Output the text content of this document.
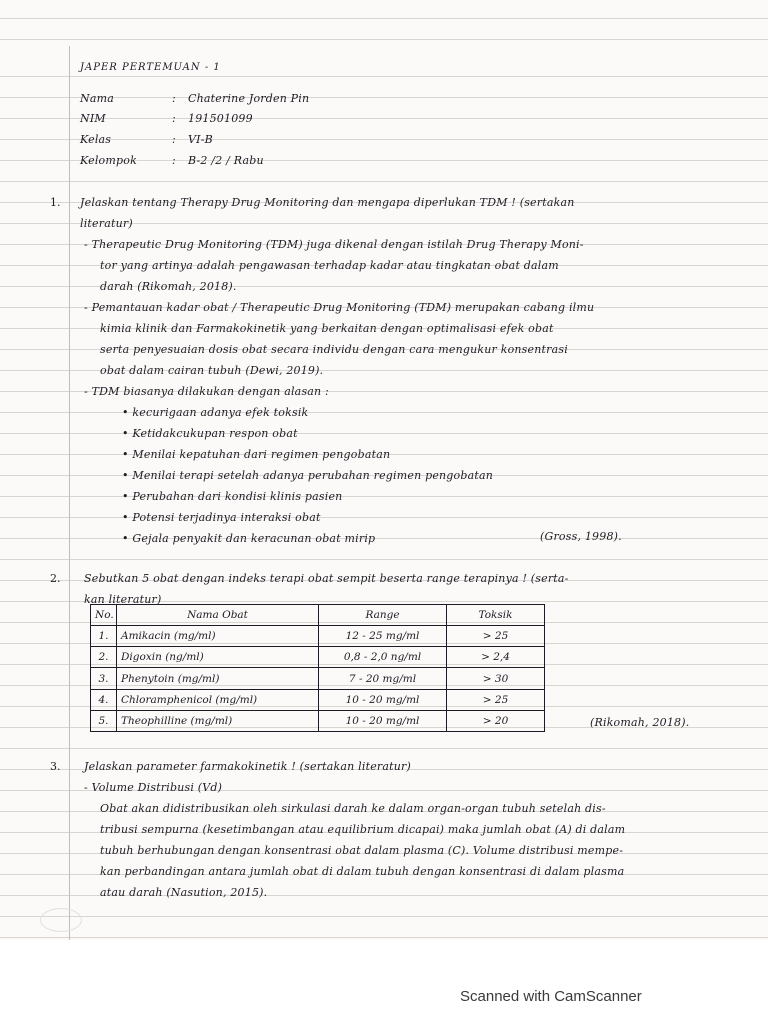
JAPER PERTEMUAN - 1
Nama	: Chaterine Jorden Pin
NIM	: 191501099
Kelas	: VI-B
Kelompok	: B-2 /2 / Rabu
1. Jelaskan tentang Therapy Drug Monitoring dan mengapa diperlukan TDM ! (sertakan
literatur)
- Therapeutic Drug Monitoring (TDM) juga dikenal dengan istilah Drug Therapy Moni-
tor yang artinya adalah pengawasan terhadap kadar atau tingkatan obat dalam
darah (Rikomah, 2018).
- Pemantauan kadar obat / Therapeutic Drug Monitoring (TDM) merupakan cabang ilmu
kimia klinik dan Farmakokinetik yang berkaitan dengan optimalisasi efek obat
serta penyesuaian dosis obat secara individu dengan cara mengukur konsentrasi
obat dalam cairan tubuh (Dewi, 2019).
- TDM biasanya dilakukan dengan alasan :
• kecurigaan adanya efek toksik
• Ketidakcukupan respon obat
• Menilai kepatuhan dari regimen pengobatan
• Menilai terapi setelah adanya perubahan regimen pengobatan
• Perubahan dari kondisi klinis pasien
• Potensi terjadinya interaksi obat
• Gejala penyakit dan keracunan obat mirip	(Gross, 1998).
2. Sebutkan 5 obat dengan indeks terapi obat sempit beserta range terapinya ! (serta-
kan literatur)
No.	Nama Obat	Range	Toksik
1.	Amikacin (mg/ml)	12 - 25 mg/ml	> 25
2.	Digoxin (ng/ml)	0,8 - 2,0 ng/ml	> 2,4
3.	Phenytoin (mg/ml)	7 - 20 mg/ml	> 30
4.	Chloramphenicol (mg/ml)	10 - 20 mg/ml	> 25
5.	Theophilline (mg/ml)	10 - 20 mg/ml	> 20	(Rikomah, 2018).
3. Jelaskan parameter farmakokinetik ! (sertakan literatur)
- Volume Distribusi (Vd)
Obat akan didistribusikan oleh sirkulasi darah ke dalam organ-organ tubuh setelah dis-
tribusi sempurna (kesetimbangan atau equilibrium dicapai) maka jumlah obat (A) di dalam
tubuh berhubungan dengan konsentrasi obat dalam plasma (C). Volume distribusi mempe-
kan perbandingan antara jumlah obat di dalam tubuh dengan konsentrasi di dalam plasma
atau darah (Nasution, 2015).
Scanned with CamScanner
